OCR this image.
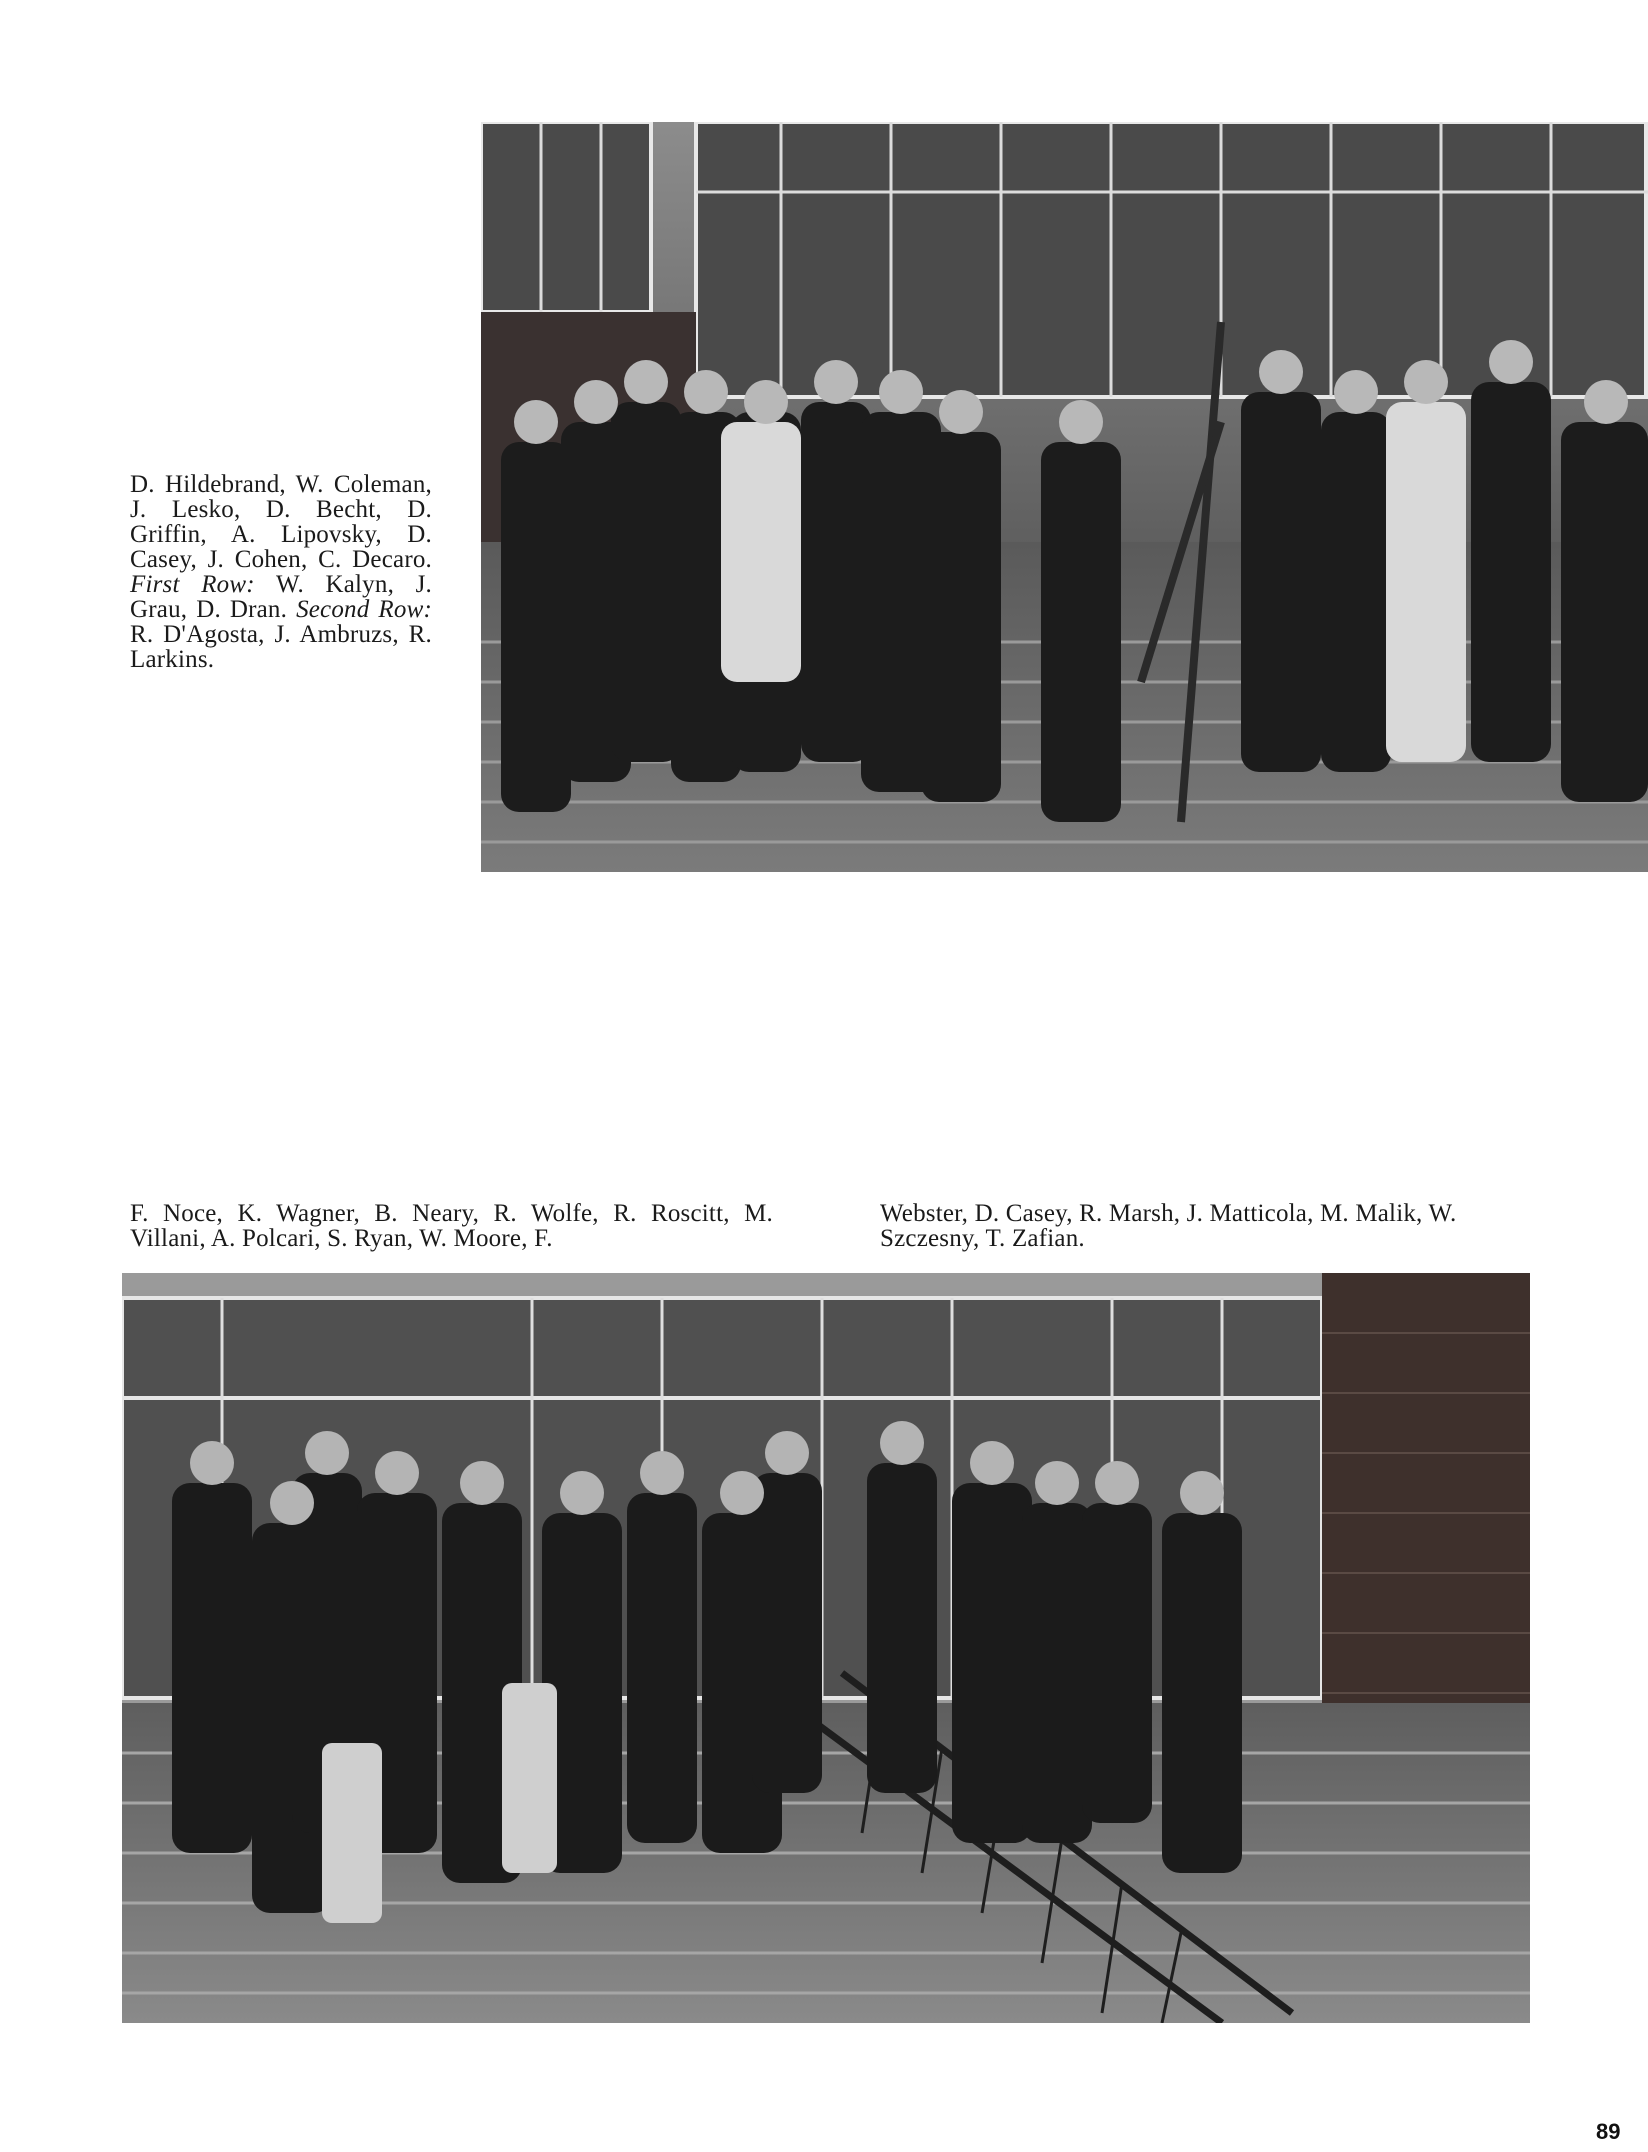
D. Hildebrand, W. Coleman, J. Lesko, D. Becht, D. Griffin, A. Lipovsky, D. Casey, J. Cohen, C. Decaro. First Row: W. Kalyn, J. Grau, D. Dran. Second Row: R. D'Agosta, J. Ambruzs, R. Larkins.
F. Noce, K. Wagner, B. Neary, R. Wolfe, R. Roscitt, M. Villani, A. Polcari, S. Ryan, W. Moore, F.
Webster, D. Casey, R. Marsh, J. Matticola, M. Malik, W. Szczesny, T. Zafian.
89
